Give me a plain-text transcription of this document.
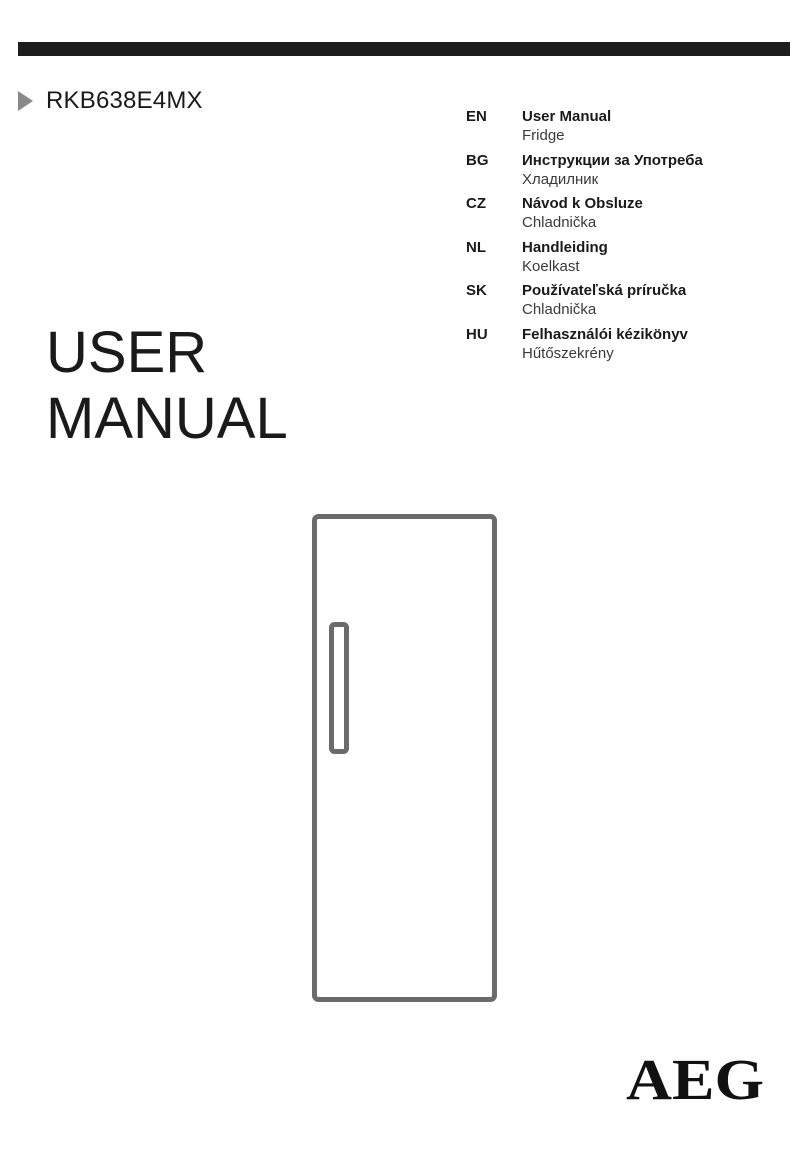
RKB638E4MX
EN	User Manual
Fridge
BG	Инструкции за Употреба
Хладилник
CZ	Návod k Obsluze
Chladnička
NL	Handleiding
Koelkast
SK	Používateľská príručka
Chladnička
HU	Felhasználói kézikönyv
Hűtőszekrény
USER
MANUAL
AEG
